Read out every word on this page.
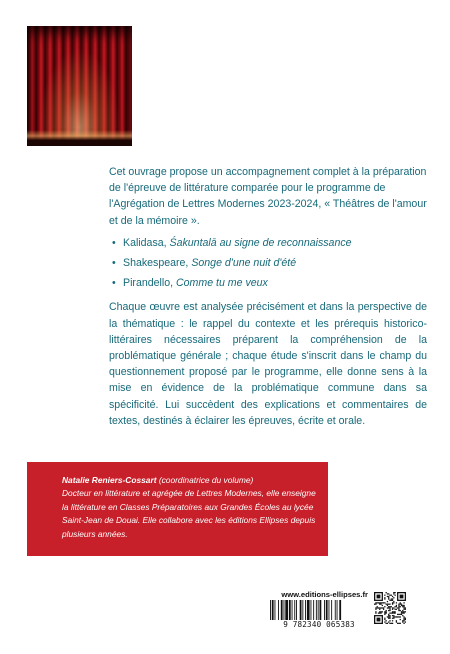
Cet ouvrage propose un accompagnement complet à la préparation de l'épreuve de littérature comparée pour le programme de l'Agrégation de Lettres Modernes 2023-2024, « Théâtres de l'amour et de la mémoire ».

• Kalidasa, Śakuntalā au signe de reconnaissance
• Shakespeare, Songe d'une nuit d'été
• Pirandello, Comme tu me veux

Chaque œuvre est analysée précisément et dans la perspective de la thématique : le rappel du contexte et les prérequis historico-littéraires nécessaires préparent la compréhension de la problématique générale ; chaque étude s'inscrit dans le champ du questionnement proposé par le programme, elle donne sens à la mise en évidence de la problématique commune dans sa spécificité. Lui succèdent des explications et commentaires de textes, destinés à éclairer les épreuves, écrite et orale.

Natalie Reniers-Cossart (coordinatrice du volume)
Docteur en littérature et agrégée de Lettres Modernes, elle enseigne la littérature en Classes Préparatoires aux Grandes Écoles au lycée Saint-Jean de Douai. Elle collabore avec les éditions Ellipses depuis plusieurs années.
www.editions-ellipses.fr
9 782340 065383
